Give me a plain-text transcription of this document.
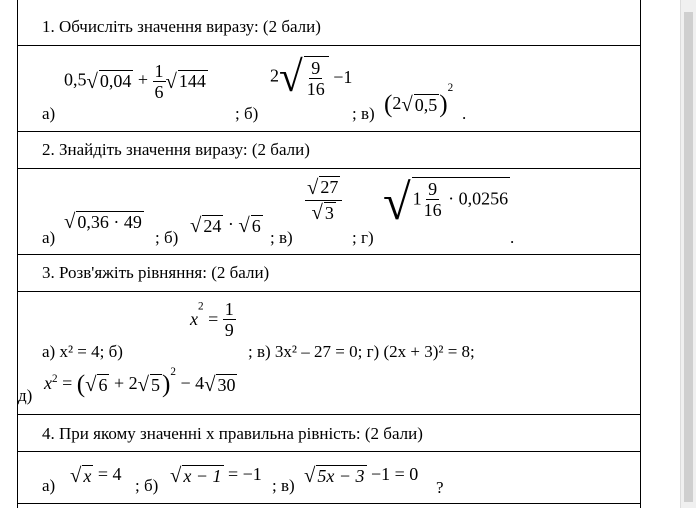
1. Обчисліть значення виразу: (2 бали)
а)
0,5 √ $0,04 + \frac{1}{6}$ √ 144
; б)
2 √ $\frac{9}{16} -1$
; в) (2 √ 0,5 )$^2$
.
2. Знайдіть значення виразу: (2 бали)
а)
√ 0,36 · 49
; б)
√ 24 · √ 6
; в)
$\frac{√ 27}{√ 3}$
; г)
√ $1 \frac{9}{16} \cdot 0,0256$
.
3. Розв'яжіть рівняння: (2 бали)
$x^2 = \frac{1}{9}$
а) x² = 4; б)	; в) 3x² – 27 = 0; г) (2x + 3)² = 8;
д)
$x^2$ = ( √ 6 + 2 √ 5 )$^2$ − 4 √ 30
4. При якому значенні х правильна рівність: (2 бали)
а) √ x = 4
; б) √ x − 1 = −1
; в) √ 5x − 3 −1 = 0
?
